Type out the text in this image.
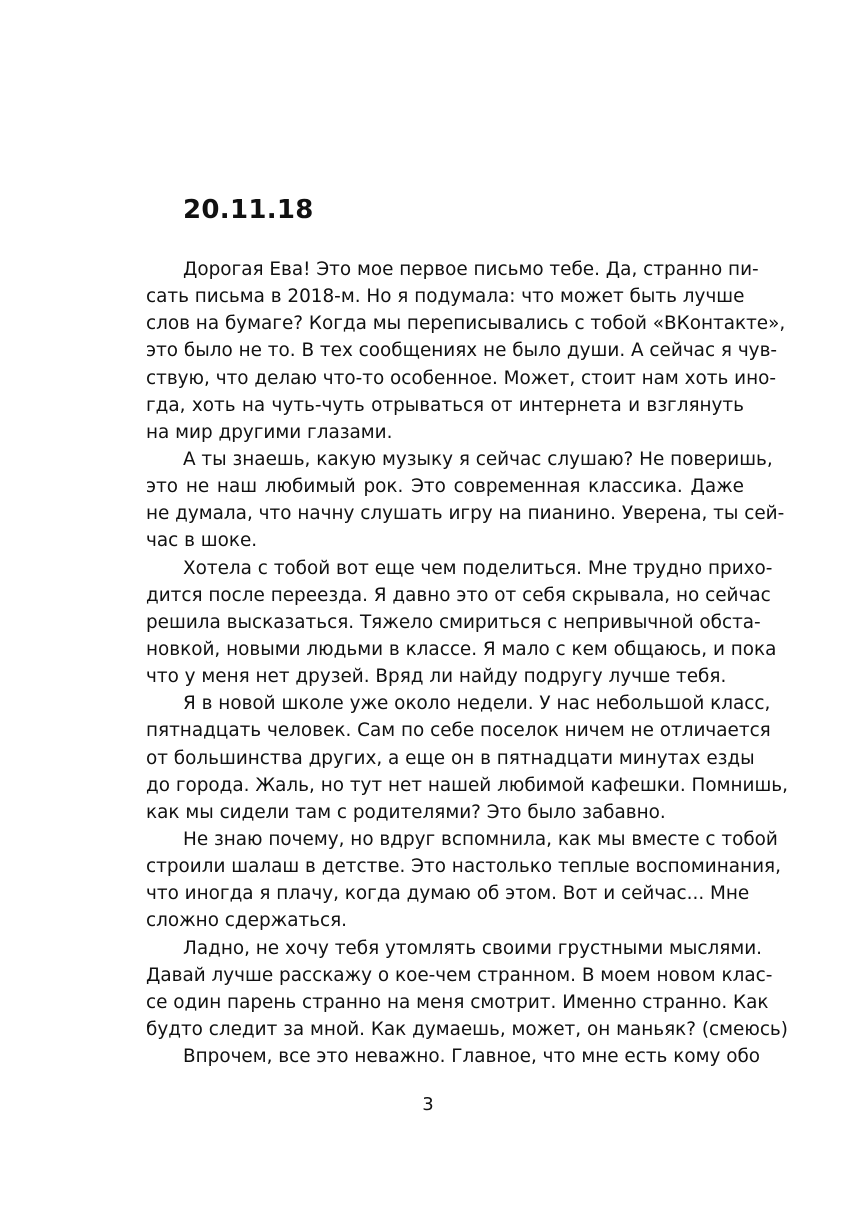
20.11.18
Дорогая Ева! Это мое первое письмо тебе. Да, странно пи-
сать письма в 2018-м. Но я подумала: что может быть лучше
слов на бумаге? Когда мы переписывались с тобой «ВКонтакте»,
это было не то. В тех сообщениях не было души. А сейчас я чув-
ствую, что делаю что-то особенное. Может, стоит нам хоть ино-
гда, хоть на чуть-чуть отрываться от интернета и взглянуть
на мир другими глазами.
А ты знаешь, какую музыку я сейчас слушаю? Не поверишь,
это не наш любимый рок. Это современная классика. Даже
не думала, что начну слушать игру на пианино. Уверена, ты сей-
час в шоке.
Хотела с тобой вот еще чем поделиться. Мне трудно прихо-
дится после переезда. Я давно это от себя скрывала, но сейчас
решила высказаться. Тяжело смириться с непривычной обста-
новкой, новыми людьми в классе. Я мало с кем общаюсь, и пока
что у меня нет друзей. Вряд ли найду подругу лучше тебя.
Я в новой школе уже около недели. У нас небольшой класс,
пятнадцать человек. Сам по себе поселок ничем не отличается
от большинства других, а еще он в пятнадцати минутах езды
до города. Жаль, но тут нет нашей любимой кафешки. Помнишь,
как мы сидели там с родителями? Это было забавно.
Не знаю почему, но вдруг вспомнила, как мы вместе с тобой
строили шалаш в детстве. Это настолько теплые воспоминания,
что иногда я плачу, когда думаю об этом. Вот и сейчас... Мне
сложно сдержаться.
Ладно, не хочу тебя утомлять своими грустными мыслями.
Давай лучше расскажу о кое-чем странном. В моем новом клас-
се один парень странно на меня смотрит. Именно странно. Как
будто следит за мной. Как думаешь, может, он маньяк? (смеюсь)
Впрочем, все это неважно. Главное, что мне есть кому обо
3
